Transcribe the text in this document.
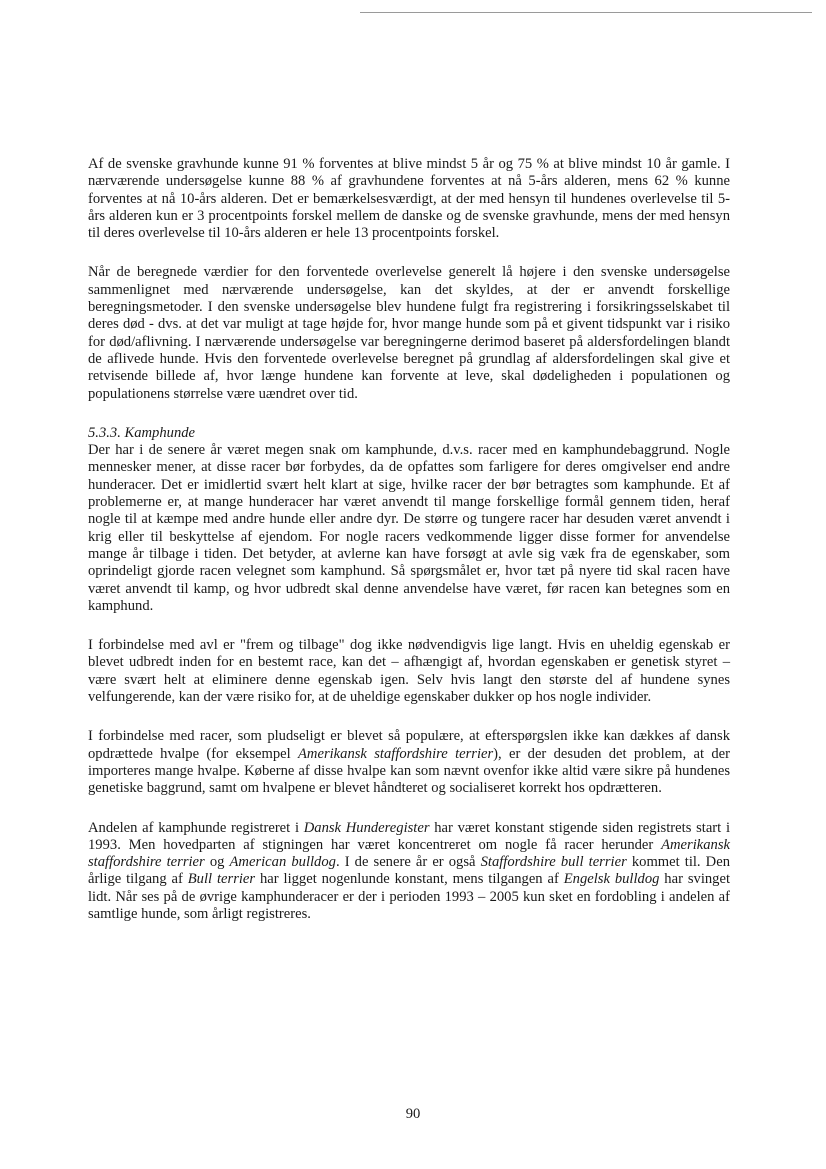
Af de svenske gravhunde kunne 91 % forventes at blive mindst 5 år og 75 % at blive mindst 10 år gamle. I nærværende undersøgelse kunne 88 % af gravhundene forventes at nå 5-års alderen, mens 62 % kunne forventes at nå 10-års alderen. Det er bemærkelsesværdigt, at der med hensyn til hundenes overlevelse til 5-års alderen kun er 3 procentpoints forskel mellem de danske og de svenske gravhunde, mens der med hensyn til deres overlevelse til 10-års alderen er hele 13 procentpoints forskel.

Når de beregnede værdier for den forventede overlevelse generelt lå højere i den svenske undersøgelse sammenlignet med nærværende undersøgelse, kan det skyldes, at der er anvendt forskellige beregningsmetoder. I den svenske undersøgelse blev hundene fulgt fra registrering i forsikringsselskabet til deres død - dvs. at det var muligt at tage højde for, hvor mange hunde som på et givent tidspunkt var i risiko for død/aflivning. I nærværende undersøgelse var beregningerne derimod baseret på aldersfordelingen blandt de aflivede hunde. Hvis den forventede overlevelse beregnet på grundlag af aldersfordelingen skal give et retvisende billede af, hvor længe hundene kan forvente at leve, skal dødeligheden i populationen og populationens størrelse være uændret over tid.

5.3.3. Kamphunde

Der har i de senere år været megen snak om kamphunde, d.v.s. racer med en kamphundebaggrund. Nogle mennesker mener, at disse racer bør forbydes, da de opfattes som farligere for deres omgivelser end andre hunderacer. Det er imidlertid svært helt klart at sige, hvilke racer der bør betragtes som kamphunde. Et af problemerne er, at mange hunderacer har været anvendt til mange forskellige formål gennem tiden, heraf nogle til at kæmpe med andre hunde eller andre dyr. De større og tungere racer har desuden været anvendt i krig eller til beskyttelse af ejendom. For nogle racers vedkommende ligger disse former for anvendelse mange år tilbage i tiden. Det betyder, at avlerne kan have forsøgt at avle sig væk fra de egenskaber, som oprindeligt gjorde racen velegnet som kamphund. Så spørgsmålet er, hvor tæt på nyere tid skal racen have været anvendt til kamp, og hvor udbredt skal denne anvendelse have været, før racen kan betegnes som en kamphund.

I forbindelse med avl er "frem og tilbage" dog ikke nødvendigvis lige langt. Hvis en uheldig egenskab er blevet udbredt inden for en bestemt race, kan det – afhængigt af, hvordan egenskaben er genetisk styret – være svært helt at eliminere denne egenskab igen. Selv hvis langt den største del af hundene synes velfungerende, kan der være risiko for, at de uheldige egenskaber dukker op hos nogle individer.

I forbindelse med racer, som pludseligt er blevet så populære, at efterspørgslen ikke kan dækkes af dansk opdrættede hvalpe (for eksempel Amerikansk staffordshire terrier), er der desuden det problem, at der importeres mange hvalpe. Køberne af disse hvalpe kan som nævnt ovenfor ikke altid være sikre på hundenes genetiske baggrund, samt om hvalpene er blevet håndteret og socialiseret korrekt hos opdrætteren.

Andelen af kamphunde registreret i Dansk Hunderegister har været konstant stigende siden registrets start i 1993. Men hovedparten af stigningen har været koncentreret om nogle få racer herunder Amerikansk staffordshire terrier og American bulldog. I de senere år er også Staffordshire bull terrier kommet til. Den årlige tilgang af Bull terrier har ligget nogenlunde konstant, mens tilgangen af Engelsk bulldog har svinget lidt. Når ses på de øvrige kamphunderacer er der i perioden 1993 – 2005 kun sket en fordobling i andelen af samtlige hunde, som årligt registreres.

90
